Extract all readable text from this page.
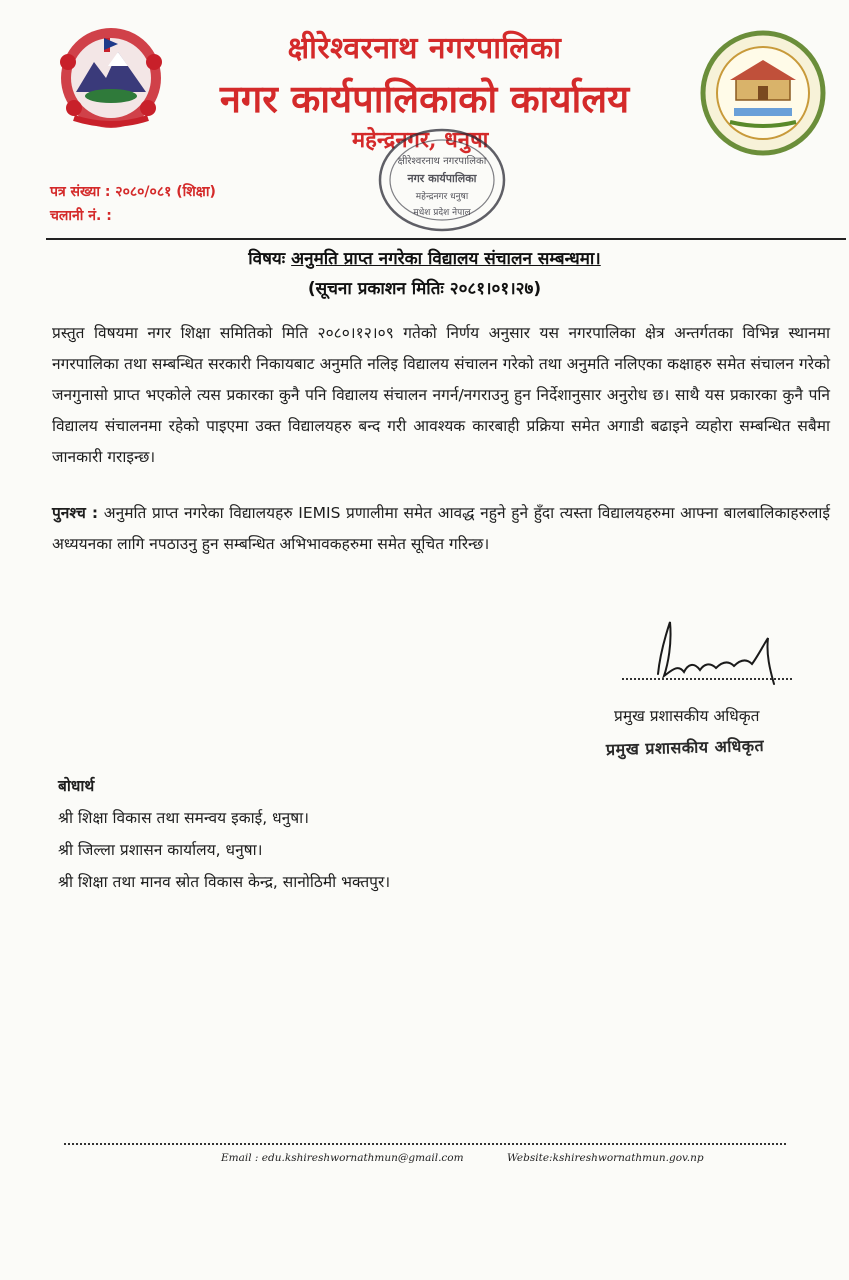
क्षीरेश्वरनाथ नगरपालिका
नगर कार्यपालिकाको कार्यालय
महेन्द्रनगर, धनुषा
क्षीरेश्वरनाथ नगरपालिका
नगर कार्यपालिका
महेन्द्रनगर धनुषा
मधेश प्रदेश नेपाल
पत्र संख्या : २०८०/०८१ (शिक्षा)
चलानी नं. :
विषयः अनुमति प्राप्त नगरेका विद्यालय संचालन सम्बन्धमा।
(सूचना प्रकाशन मितिः २०८१।०१।२७)
प्रस्तुत विषयमा नगर शिक्षा समितिको मिति २०८०।१२।०९ गतेको निर्णय अनुसार यस नगरपालिका क्षेत्र अन्तर्गतका विभिन्न स्थानमा नगरपालिका तथा सम्बन्धित सरकारी निकायबाट अनुमति नलिइ विद्यालय संचालन गरेको तथा अनुमति नलिएका कक्षाहरु समेत संचालन गरेको जनगुनासो प्राप्त भएकोले त्यस प्रकारका कुनै पनि विद्यालय संचालन नगर्न/नगराउनु हुन निर्देशानुसार अनुरोध छ। साथै यस प्रकारका कुनै पनि विद्यालय संचालनमा रहेको पाइएमा उक्त विद्यालयहरु बन्द गरी आवश्यक कारबाही प्रक्रिया समेत अगाडी बढाइने व्यहोरा सम्बन्धित सबैमा जानकारी गराइन्छ।
पुनश्च : अनुमति प्राप्त नगरेका विद्यालयहरु IEMIS प्रणालीमा समेत आवद्ध नहुने हुने हुँदा त्यस्ता विद्यालयहरुमा आफ्ना बालबालिकाहरुलाई अध्ययनका लागि नपठाउनु हुन सम्बन्धित अभिभावकहरुमा समेत सूचित गरिन्छ।
प्रमुख प्रशासकीय अधिकृत
प्रमुख प्रशासकीय अधिकृत
बोधार्थ
श्री शिक्षा विकास तथा समन्वय इकाई, धनुषा।
श्री जिल्ला प्रशासन कार्यालय, धनुषा।
श्री शिक्षा तथा मानव स्रोत विकास केन्द्र, सानोठिमी भक्तपुर।
Email : edu.kshireshwornathmun@gmail.com	Website:kshireshwornathmun.gov.np
